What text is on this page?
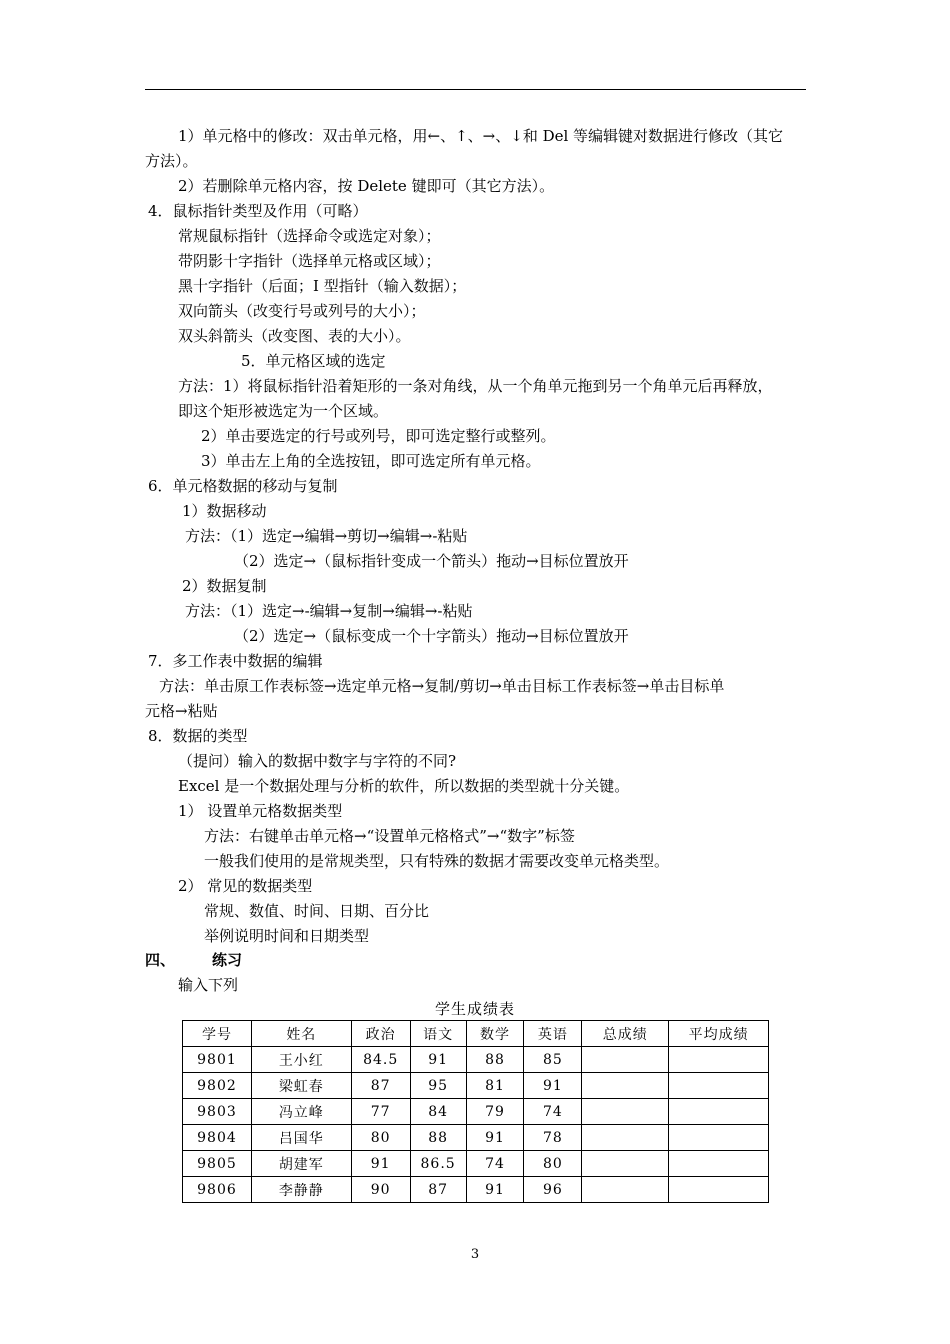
1）单元格中的修改：双击单元格，用←、↑、→、↓和 Del 等编辑键对数据进行修改（其它
方法）。
2）若删除单元格内容，按 Delete 键即可（其它方法）。
4．鼠标指针类型及作用（可略）
常规鼠标指针（选择命令或选定对象）；
带阴影十字指针（选择单元格或区域）；
黑十字指针（后面；I 型指针（输入数据）；
双向箭头（改变行号或列号的大小）；
双头斜箭头（改变图、表的大小）。
5．单元格区域的选定
方法：1）将鼠标指针沿着矩形的一条对角线，从一个角单元拖到另一个角单元后再释放，
即这个矩形被选定为一个区域。
2）单击要选定的行号或列号，即可选定整行或整列。
3）单击左上角的全选按钮，即可选定所有单元格。
6．单元格数据的移动与复制
1）数据移动
方法：（1）选定→编辑→剪切→编辑→-粘贴
（2）选定→（鼠标指针变成一个箭头）拖动→目标位置放开
2）数据复制
方法：（1）选定→-编辑→复制→编辑→-粘贴
（2）选定→（鼠标变成一个十字箭头）拖动→目标位置放开
7．多工作表中数据的编辑
方法：单击原工作表标签→选定单元格→复制/剪切→单击目标工作表标签→单击目标单
元格→粘贴
8．数据的类型
（提问）输入的数据中数字与字符的不同?
Excel 是一个数据处理与分析的软件，所以数据的类型就十分关键。
1） 设置单元格数据类型
方法：右键单击单元格→“设置单元格格式”→“数字”标签
一般我们使用的是常规类型，只有特殊的数据才需要改变单元格类型。
2） 常见的数据类型
常规、数值、时间、日期、百分比
举例说明时间和日期类型
四、 练习
输入下列
学生成绩表
学号	姓名	政治	语文	数学	英语	总成绩	平均成绩
9801	王小红	84.5	91	88	85		
9802	梁虹春	87	95	81	91		
9803	冯立峰	77	84	79	74		
9804	吕国华	80	88	91	78		
9805	胡建军	91	86.5	74	80		
9806	李静静	90	87	91	96		
3
